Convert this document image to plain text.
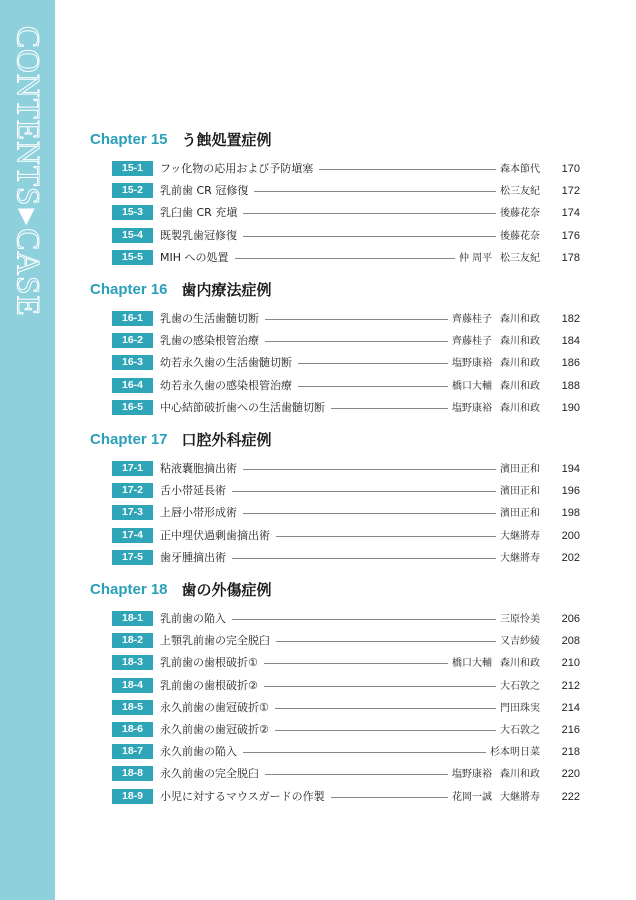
CONTENTS▶CASE
Chapter 15 う蝕処置症例
15-1	フッ化物の応用および予防塡塞	森本節代 170
15-2	乳前歯 CR 冠修復	松三友紀 172
15-3	乳臼歯 CR 充塡	後藤花奈 174
15-4	既製乳歯冠修復	後藤花奈 176
15-5	MIH への処置	仲 周平 松三友紀 178
Chapter 16 歯内療法症例
16-1	乳歯の生活歯髄切断	齊藤桂子 森川和政 182
16-2	乳歯の感染根管治療	齊藤桂子 森川和政 184
16-3	幼若永久歯の生活歯髄切断	塩野康裕 森川和政 186
16-4	幼若永久歯の感染根管治療	橋口大輔 森川和政 188
16-5	中心結節破折歯への生活歯髄切断	塩野康裕 森川和政 190
Chapter 17 口腔外科症例
17-1	粘液囊胞摘出術	濱田正和 194
17-2	舌小帯延長術	濱田正和 196
17-3	上唇小帯形成術	濱田正和 198
17-4	正中埋伏過剰歯摘出術	大継將寿 200
17-5	歯牙腫摘出術	大継將寿 202
Chapter 18 歯の外傷症例
18-1	乳前歯の陥入	三原怜美 206
18-2	上顎乳前歯の完全脱臼	又吉紗綾 208
18-3	乳前歯の歯根破折①	橋口大輔 森川和政 210
18-4	乳前歯の歯根破折②	大石敦之 212
18-5	永久前歯の歯冠破折①	門田珠実 214
18-6	永久前歯の歯冠破折②	大石敦之 216
18-7	永久前歯の陥入	杉本明日菜 218
18-8	永久前歯の完全脱臼	塩野康裕 森川和政 220
18-9	小児に対するマウスガードの作製	花岡一誠 大継將寿 222
